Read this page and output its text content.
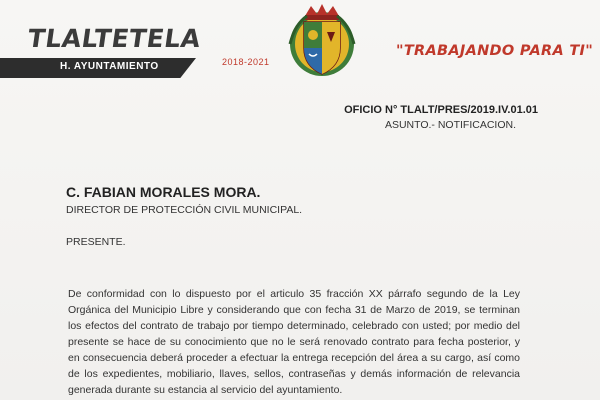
TLALTETELA
H. AYUNTAMIENTO	2018-2021
"TRABAJANDO PARA TI"
OFICIO N° TLALT/PRES/2019.IV.01.01
ASUNTO.- NOTIFICACION.
C. FABIAN MORALES MORA.
DIRECTOR DE PROTECCIÓN CIVIL MUNICIPAL.
PRESENTE.
De conformidad con lo dispuesto por el articulo 35 fracción XX párrafo segundo de la Ley Orgánica del Municipio Libre y considerando que con fecha 31 de Marzo de 2019, se terminan los efectos del contrato de trabajo por tiempo determinado, celebrado con usted; por medio del presente se hace de su conocimiento que no le será renovado contrato para fecha posterior, y en consecuencia deberá proceder a efectuar la entrega recepción del área a su cargo, así como de los expedientes, mobiliario, llaves, sellos, contraseñas y demás información de relevancia generada durante su estancia al servicio del ayuntamiento.
